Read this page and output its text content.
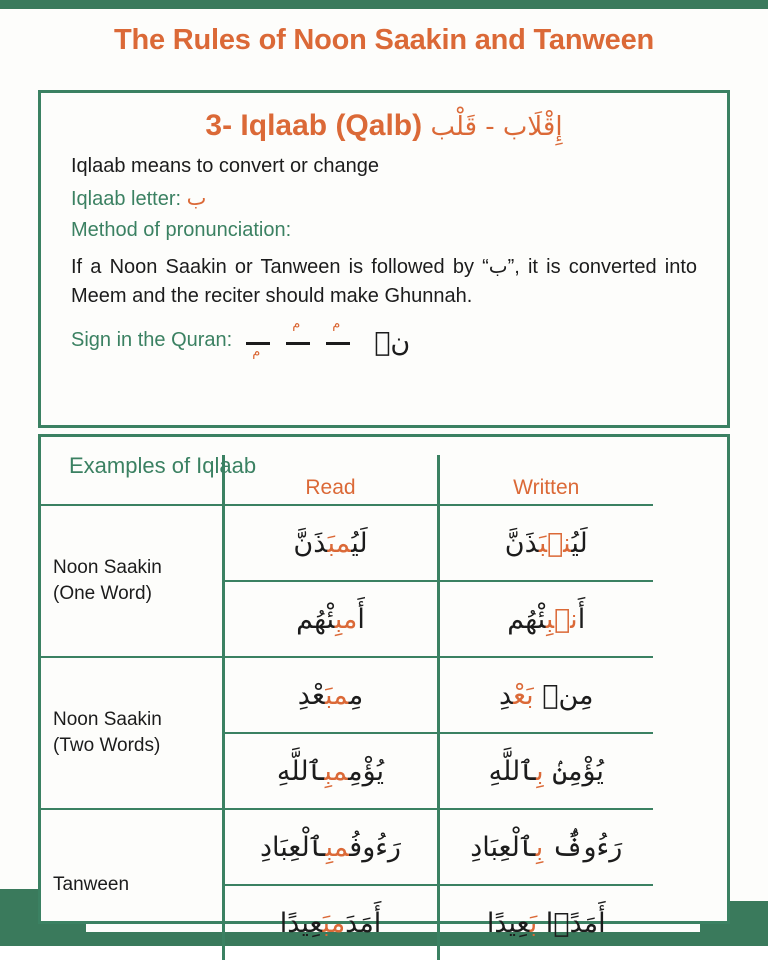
The Rules of Noon Saakin and Tanween
3- Iqlaab (Qalb) إِقْلَاب - قَلْب

Iqlaab means to convert or change

Iqlaab letter: ب

Method of pronunciation:

If a Noon Saakin or Tanween is followed by “ب”, it is converted into Meem and the reciter should make Ghunnah.

Sign in the Quran:	نۭ
م
م
م
Examples of Iqlaab
	Read	Written

Noon Saakin
(One Word)	لَيُمبَذَنَّ	لَيُنۢبَذَنَّ
	أَمبِئْهُم	أَنۢبِئْهُم

Noon Saakin
(Two Words)	مِمبَعْدِ	مِنۢ بَعْدِ
	يُؤْمِمبِٱللَّهِ	يُؤْمِنۢ بِٱللَّهِ

Tanween	رَءُوفُمبِٱلْعِبَادِ	رَءُوفٌۢ بِٱلْعِبَادِ
	أَمَدَمبَعِيدًا	أَمَدًۢا بَعِيدًا
